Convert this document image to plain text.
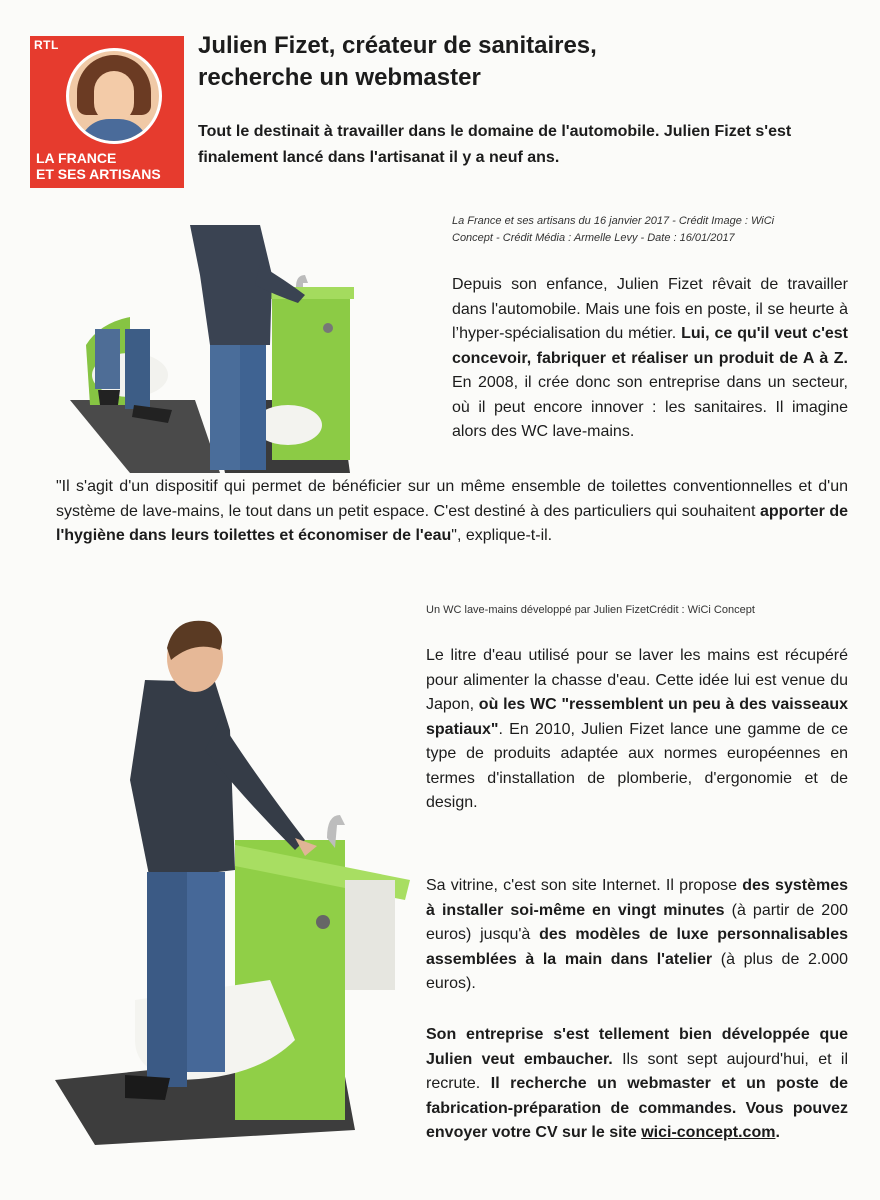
RTL
LA FRANCE
ET SES ARTISANS
Julien Fizet, créateur de sanitaires,
recherche un webmaster

Tout le destinait à travailler dans le domaine de l'automobile. Julien Fizet s'est finalement lancé dans l'artisanat il y a neuf ans.

La France et ses artisans du 16 janvier 2017 - Crédit Image : WiCi
Concept - Crédit Média : Armelle Levy - Date : 16/01/2017

Depuis son enfance, Julien Fizet rêvait de travailler dans l'automobile. Mais une fois en poste, il se heurte à l’hyper-spécialisation du métier. Lui, ce qu'il veut c'est concevoir, fabriquer et réaliser un produit de A à Z. En 2008, il crée donc son entreprise dans un secteur, où il peut encore innover : les sanitaires. Il imagine alors des WC lave-mains.

"Il s'agit d'un dispositif qui permet de bénéficier sur un même ensemble de toilettes conventionnelles et d'un système de lave-mains, le tout dans un petit espace. C'est destiné à des particuliers qui souhaitent apporter de l'hygiène dans leurs toilettes et économiser de l'eau", explique-t-il.

Un WC lave-mains développé par Julien FizetCrédit : WiCi Concept

Le litre d'eau utilisé pour se laver les mains est récupéré pour alimenter la chasse d'eau. Cette idée lui est venue du Japon, où les WC "ressemblent un peu à des vaisseaux spatiaux". En 2010, Julien Fizet lance une gamme de ce type de produits adaptée aux normes européennes en termes d'installation de plomberie, d'ergonomie et de design.

Sa vitrine, c'est son site Internet. Il propose des systèmes à installer soi-même en vingt minutes (à partir de 200 euros) jusqu'à des modèles de luxe personnalisables assemblées à la main dans l'atelier (à plus de 2.000 euros).

Son entreprise s'est tellement bien développée que Julien veut embaucher. Ils sont sept aujourd'hui, et il recrute. Il recherche un webmaster et un poste de fabrication-préparation de commandes. Vous pouvez envoyer votre CV sur le site wici-concept.com.
